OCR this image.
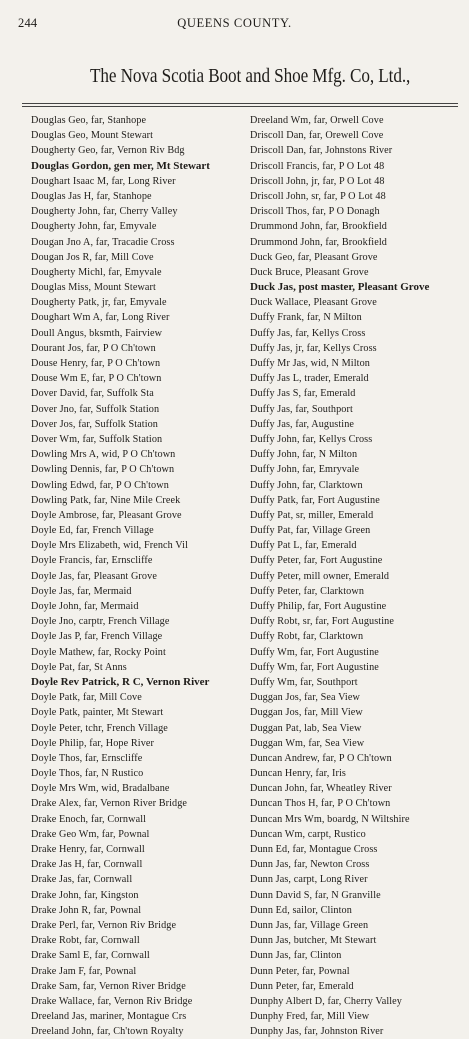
244	QUEENS COUNTY.
The Nova Scotia Boot and Shoe Mfg. Co, Ltd.,
Douglas Geo, far, Stanhope
Douglas Geo, Mount Stewart
Dougherty Geo, far, Vernon Riv Bdg
Douglas Gordon, gen mer, Mt Stewart
Doughart Isaac M, far, Long River
Douglas Jas H, far, Stanhope
Dougherty John, far, Cherry Valley
Dougherty John, far, Emyvale
Dougan Jno A, far, Tracadie Cross
Dougan Jos R, far, Mill Cove
Dougherty Michl, far, Emyvale
Douglas Miss, Mount Stewart
Dougherty Patk, jr, far, Emyvale
Doughart Wm A, far, Long River
Doull Angus, bksmth, Fairview
Dourant Jos, far, P O Ch'town
Douse Henry, far, P O Ch'town
Douse Wm E, far, P O Ch'town
Dover David, far, Suffolk Sta
Dover Jno, far, Suffolk Station
Dover Jos, far, Suffolk Station
Dover Wm, far, Suffolk Station
Dowling Mrs A, wid, P O Ch'town
Dowling Dennis, far, P O Ch'town
Dowling Edwd, far, P O Ch'town
Dowling Patk, far, Nine Mile Creek
Doyle Ambrose, far, Pleasant Grove
Doyle Ed, far, French Village
Doyle Mrs Elizabeth, wid, French Vil
Doyle Francis, far, Ernscliffe
Doyle Jas, far, Pleasant Grove
Doyle Jas, far, Mermaid
Doyle John, far, Mermaid
Doyle Jno, carptr, French Village
Doyle Jas P, far, French Village
Doyle Mathew, far, Rocky Point
Doyle Pat, far, St Anns
Doyle Rev Patrick, R C, Vernon River
Doyle Patk, far, Mill Cove
Doyle Patk, painter, Mt Stewart
Doyle Peter, tchr, French Village
Doyle Philip, far, Hope River
Doyle Thos, far, Ernscliffe
Doyle Thos, far, N Rustico
Doyle Mrs Wm, wid, Bradalbane
Drake Alex, far, Vernon River Bridge
Drake Enoch, far, Cornwall
Drake Geo Wm, far, Pownal
Drake Henry, far, Cornwall
Drake Jas H, far, Cornwall
Drake Jas, far, Cornwall
Drake John, far, Kingston
Drake John R, far, Pownal
Drake Perl, far, Vernon Riv Bridge
Drake Robt, far, Cornwall
Drake Saml E, far, Cornwall
Drake Jam F, far, Pownal
Drake Sam, far, Vernon River Bridge
Drake Wallace, far, Vernon Riv Bridge
Dreeland Jas, mariner, Montague Crs
Dreeland John, far, Ch'town Royalty
Dreeland Wm, far, Orwell Cove
Driscoll Dan, far, Orewell Cove
Driscoll Dan, far, Johnstons River
Driscoll Francis, far, P O Lot 48
Driscoll John, jr, far, P O Lot 48
Driscoll John, sr, far, P O Lot 48
Driscoll Thos, far, P O Donagh
Drummond John, far, Brookfield
Drummond John, far, Brookfield
Duck Geo, far, Pleasant Grove
Duck Bruce, Pleasant Grove
Duck Jas, post master, Pleasant Grove
Duck Wallace, Pleasant Grove
Duffy Frank, far, N Milton
Duffy Jas, far, Kellys Cross
Duffy Jas, jr, far, Kellys Cross
Duffy Mr Jas, wid, N Milton
Duffy Jas L, trader, Emerald
Duffy Jas S, far, Emerald
Duffy Jas, far, Southport
Duffy Jas, far, Augustine
Duffy John, far, Kellys Cross
Duffy John, far, N Milton
Duffy John, far, Emryvale
Duffy John, far, Clarktown
Duffy Patk, far, Fort Augustine
Duffy Pat, sr, miller, Emerald
Duffy Pat, far, Village Green
Duffy Pat L, far, Emerald
Duffy Peter, far, Fort Augustine
Duffy Peter, mill owner, Emerald
Duffy Peter, far, Clarktown
Duffy Philip, far, Fort Augustine
Duffy Robt, sr, far, Fort Augustine
Duffy Robt, far, Clarktown
Duffy Wm, far, Fort Augustine
Duffy Wm, far, Fort Augustine
Duffy Wm, far, Southport
Duggan Jos, far, Sea View
Duggan Jos, far, Mill View
Duggan Pat, lab, Sea View
Duggan Wm, far, Sea View
Duncan Andrew, far, P O Ch'town
Duncan Henry, far, Iris
Duncan John, far, Wheatley River
Duncan Thos H, far, P O Ch'town
Duncan Mrs Wm, boardg, N Wiltshire
Duncan Wm, carpt, Rustico
Dunn Ed, far, Montague Cross
Dunn Jas, far, Newton Cross
Dunn Jas, carpt, Long River
Dunn David S, far, N Granville
Dunn Ed, sailor, Clinton
Dunn Jas, far, Village Green
Dunn Jas, butcher, Mt Stewart
Dunn Jas, far, Clinton
Dunn Peter, far, Pownal
Dunn Peter, far, Emerald
Dunphy Albert D, far, Cherry Valley
Dunphy Fred, far, Mill View
Dunphy Jas, far, Johnston River
